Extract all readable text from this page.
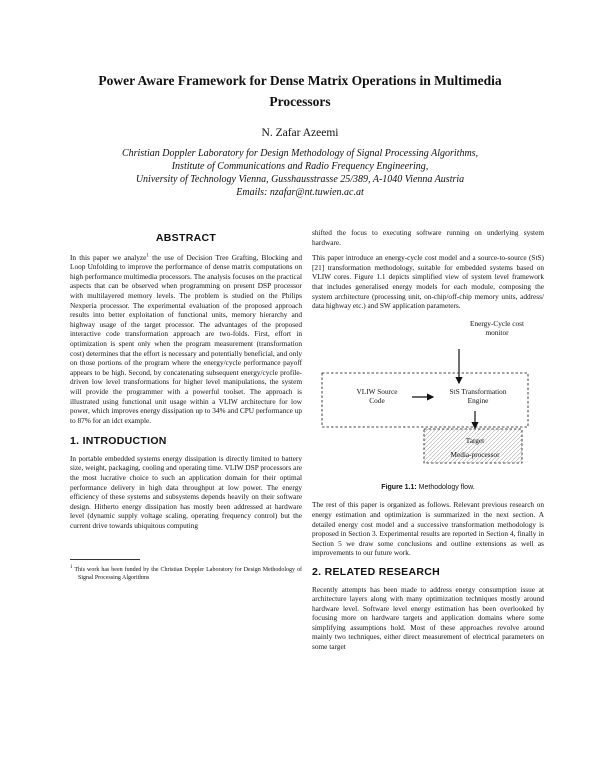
Power Aware Framework for Dense Matrix Operations in Multimedia Processors
N. Zafar Azeemi
Christian Doppler Laboratory for Design Methodology of Signal Processing Algorithms,
Institute of Communications and Radio Frequency Engineering,
University of Technology Vienna, Gusshausstrasse 25/389, A-1040 Vienna Austria
Emails: nzafar@nt.tuwien.ac.at
ABSTRACT

In this paper we analyze$^1$ the use of Decision Tree Grafting, Blocking and Loop Unfolding to improve the performance of dense matrix computations on high performance multimedia processors. The analysis focuses on the practical aspects that can be observed when programming on present DSP processor with multilayered memory levels. The problem is studied on the Philips Nexperia processor. The experimental evaluation of the proposed approach results into better exploitation of functional units, memory hierarchy and highway usage of the target processor. The advantages of the proposed interactive code transformation approach are two-folds. First, effort in optimization is spent only when the program measurement (transformation cost) determines that the effort is necessary and potentially beneficial, and only on those portions of the program where the energy/cycle performance payoff appears to be high. Second, by concatenating subsequent energy/cycle profile-driven low level transformations for higher level manipulations, the system will provide the programmer with a powerful toolset. The approach is illustrated using functional unit usage within a VLIW architecture for low power, which improves energy dissipation up to 34% and CPU performance up to 87% for an idct example.

1. INTRODUCTION

In portable embedded systems energy dissipation is directly limited to battery size, weight, packaging, cooling and operating time. VLIW DSP processors are the most lucrative choice to such an application domain for their optimal performance delivery in high data throughput at low power. The energy efficiency of these systems and subsystems depends heavily on their software design. Hitherto energy dissipation has mostly been addressed at hardware level (dynamic supply voltage scaling, operating frequency control) but the current drive towards ubiquitous computing

$^1$ This work has been funded by the Christian Doppler Laboratory for Design Methodology of Signal Processing Algorithms

shifted the focus to executing software running on underlying system hardware.

This paper introduce an energy-cycle cost model and a source-to-source (StS) [21] transformation methodology, suitable for embedded systems based on VLIW cores. Figure 1.1 depicts simplified view of system level framework that includes generalised energy models for each module, composing the system architecture (processing unit, on-chip/off-chip memory units, address/ data highway etc.) and SW application parameters.

Energy-Cycle cost
monitor
VLIW Source
Code
StS Transformation
Engine
Target
Media-processor
Figure 1.1: Methodology flow.

The rest of this paper is organized as follows. Relevant previous research on energy estimation and optimization is summarized in the next section. A detailed energy cost model and a successive transformation methodology is proposed in Section 3. Experimental results are reported in Section 4, finally in Section 5 we draw some conclusions and outline extensions as well as improvements to our future work.

2. RELATED RESEARCH

Recently attempts has been made to address energy consumption issue at architecture layers along with many optimization techniques mostly around hardware level. Software level energy estimation has been overlooked by focusing more on hardware targets and application domains where some simplifying assumptions hold. Most of these approaches revolve around mainly two techniques, either direct measurement of electrical parameters on some target
